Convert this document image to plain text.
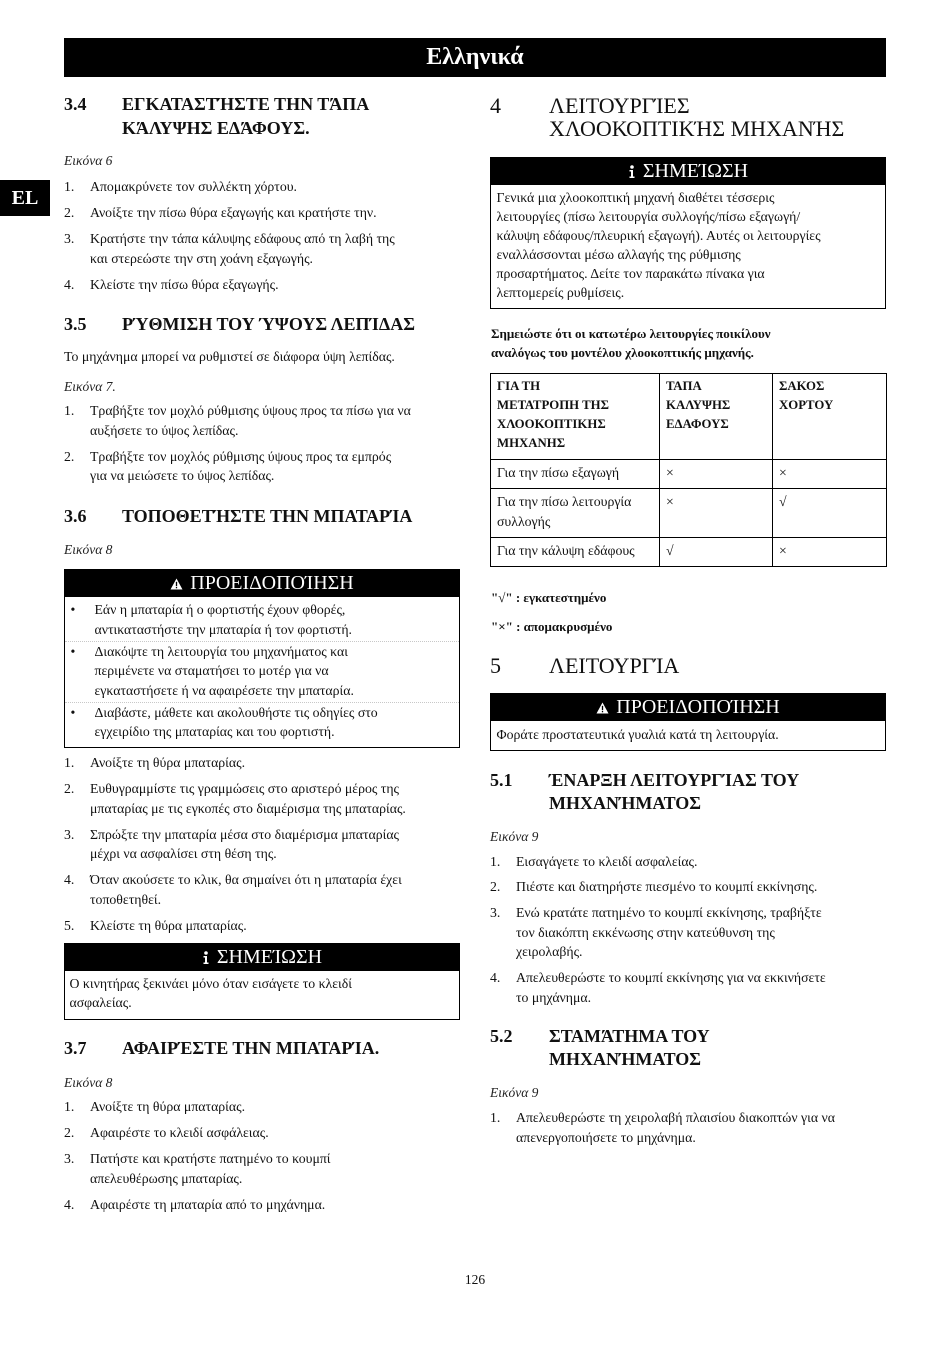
Ελληνικά
EL
3.4 ΕΓΚΑΤΑΣΤΉΣΤΕ ΤΗΝ ΤΆΠΑ
ΚΆΛΥΨΗΣ ΕΔΆΦΟΥΣ.
Εικόνα 6
1. Απομακρύνετε τον συλλέκτη χόρτου.
2. Ανοίξτε την πίσω θύρα εξαγωγής και κρατήστε την.
3. Κρατήστε την τάπα κάλυψης εδάφους από τη λαβή της
και στερεώστε την στη χοάνη εξαγωγής.
4. Κλείστε την πίσω θύρα εξαγωγής.
3.5 ΡΎΘΜΙΣΗ ΤΟΥ ΎΨΟΥΣ ΛΕΠΊΔΑΣ
Το μηχάνημα μπορεί να ρυθμιστεί σε διάφορα ύψη λεπίδας.
Εικόνα 7.
1. Τραβήξτε τον μοχλό ρύθμισης ύψους προς τα πίσω για να
αυξήσετε το ύψος λεπίδας.
2. Τραβήξτε τον μοχλός ρύθμισης ύψους προς τα εμπρός
για να μειώσετε το ύψος λεπίδας.
3.6 ΤΟΠΟΘΕΤΉΣΤΕ ΤΗΝ ΜΠΑΤΑΡΊΑ
Εικόνα 8
ΠΡΟΕΙΔΟΠΟΊΗΣΗ
• Εάν η μπαταρία ή ο φορτιστής έχουν φθορές,
αντικαταστήστε την μπαταρία ή τον φορτιστή.
• Διακόψτε τη λειτουργία του μηχανήματος και
περιμένετε να σταματήσει το μοτέρ για να
εγκαταστήσετε ή να αφαιρέσετε την μπαταρία.
• Διαβάστε, μάθετε και ακολουθήστε τις οδηγίες στο
εγχειρίδιο της μπαταρίας και του φορτιστή.
1. Ανοίξτε τη θύρα μπαταρίας.
2. Ευθυγραμμίστε τις γραμμώσεις στο αριστερό μέρος της
μπαταρίας με τις εγκοπές στο διαμέρισμα της μπαταρίας.
3. Σπρώξτε την μπαταρία μέσα στο διαμέρισμα μπαταρίας
μέχρι να ασφαλίσει στη θέση της.
4. Όταν ακούσετε το κλικ, θα σημαίνει ότι η μπαταρία έχει
τοποθετηθεί.
5. Κλείστε τη θύρα μπαταρίας.
ΣΗΜΕΊΩΣΗ
Ο κινητήρας ξεκινάει μόνο όταν εισάγετε το κλειδί
ασφαλείας.
3.7 ΑΦΑΙΡΈΣΤΕ ΤΗΝ ΜΠΑΤΑΡΊΑ.
Εικόνα 8
1. Ανοίξτε τη θύρα μπαταρίας.
2. Αφαιρέστε το κλειδί ασφάλειας.
3. Πατήστε και κρατήστε πατημένο το κουμπί
απελευθέρωσης μπαταρίας.
4. Αφαιρέστε τη μπαταρία από το μηχάνημα.
4 ΛΕΙΤΟΥΡΓΊΕΣ
ΧΛΟΟΚΟΠΤΙΚΉΣ ΜΗΧΑΝΉΣ
ΣΗΜΕΊΩΣΗ
Γενικά μια χλοοκοπτική μηχανή διαθέτει τέσσερις
λειτουργίες (πίσω λειτουργία συλλογής/πίσω εξαγωγή/
κάλυψη εδάφους/πλευρική εξαγωγή). Αυτές οι λειτουργίες
εναλλάσσονται μέσω αλλαγής της ρύθμισης
προσαρτήματος. Δείτε τον παρακάτω πίνακα για
λεπτομερείς ρυθμίσεις.
Σημειώστε ότι οι κατωτέρω λειτουργίες ποικίλουν
αναλόγως του μοντέλου χλοοκοπτικής μηχανής.
ΓΙΑ ΤΗ
ΜΕΤΑΤΡΟΠΗ ΤΗΣ
ΧΛΟΟΚΟΠΤΙΚΗΣ
ΜΗΧΑΝΗΣ	ΤΑΠΑ
ΚΑΛΥΨΗΣ
ΕΔΑΦΟΥΣ	ΣΑΚΟΣ
ΧΟΡΤΟΥ
Για την πίσω εξαγωγή	×	×
Για την πίσω λειτουργία
συλλογής	×	√
Για την κάλυψη εδάφους	√	×
"√" : εγκατεστημένο
"×" : απομακρυσμένο
5 ΛΕΙΤΟΥΡΓΊΑ
ΠΡΟΕΙΔΟΠΟΊΗΣΗ
Φοράτε προστατευτικά γυαλιά κατά τη λειτουργία.
5.1 ΈΝΑΡΞΗ ΛΕΙΤΟΥΡΓΊΑΣ ΤΟΥ
ΜΗΧΑΝΉΜΑΤΟΣ
Εικόνα 9
1. Εισαγάγετε το κλειδί ασφαλείας.
2. Πιέστε και διατηρήστε πιεσμένο το κουμπί εκκίνησης.
3. Ενώ κρατάτε πατημένο το κουμπί εκκίνησης, τραβήξτε
τον διακόπτη εκκένωσης στην κατεύθυνση της
χειρολαβής.
4. Απελευθερώστε το κουμπί εκκίνησης για να εκκινήσετε
το μηχάνημα.
5.2 ΣΤΑΜΆΤΗΜΑ ΤΟΥ
ΜΗΧΑΝΉΜΑΤΟΣ
Εικόνα 9
1. Απελευθερώστε τη χειρολαβή πλαισίου διακοπτών για να
απενεργοποιήσετε το μηχάνημα.
126
